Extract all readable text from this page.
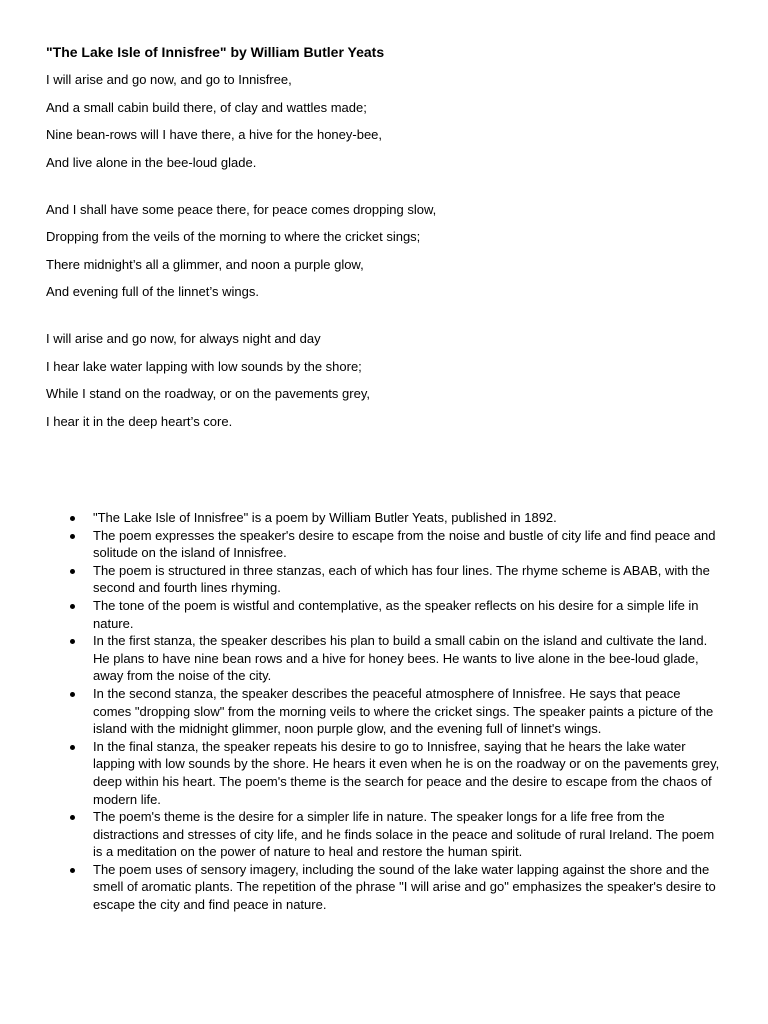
"The Lake Isle of Innisfree" by William Butler Yeats
I will arise and go now, and go to Innisfree,
And a small cabin build there, of clay and wattles made;
Nine bean-rows will I have there, a hive for the honey-bee,
And live alone in the bee-loud glade.
And I shall have some peace there, for peace comes dropping slow,
Dropping from the veils of the morning to where the cricket sings;
There midnight’s all a glimmer, and noon a purple glow,
And evening full of the linnet’s wings.
I will arise and go now, for always night and day
I hear lake water lapping with low sounds by the shore;
While I stand on the roadway, or on the pavements grey,
I hear it in the deep heart’s core.
"The Lake Isle of Innisfree" is a poem by William Butler Yeats, published in 1892.
The poem expresses the speaker's desire to escape from the noise and bustle of city life and find peace and solitude on the island of Innisfree.
The poem is structured in three stanzas, each of which has four lines. The rhyme scheme is ABAB, with the second and fourth lines rhyming.
The tone of the poem is wistful and contemplative, as the speaker reflects on his desire for a simple life in nature.
In the first stanza, the speaker describes his plan to build a small cabin on the island and cultivate the land. He plans to have nine bean rows and a hive for honey bees. He wants to live alone in the bee-loud glade, away from the noise of the city.
In the second stanza, the speaker describes the peaceful atmosphere of Innisfree. He says that peace comes "dropping slow" from the morning veils to where the cricket sings. The speaker paints a picture of the island with the midnight glimmer, noon purple glow, and the evening full of linnet's wings.
In the final stanza, the speaker repeats his desire to go to Innisfree, saying that he hears the lake water lapping with low sounds by the shore. He hears it even when he is on the roadway or on the pavements grey, deep within his heart. The poem's theme is the search for peace and the desire to escape from the chaos of modern life.
The poem's theme is the desire for a simpler life in nature. The speaker longs for a life free from the distractions and stresses of city life, and he finds solace in the peace and solitude of rural Ireland. The poem is a meditation on the power of nature to heal and restore the human spirit.
The poem uses of sensory imagery, including the sound of the lake water lapping against the shore and the smell of aromatic plants. The repetition of the phrase "I will arise and go" emphasizes the speaker's desire to escape the city and find peace in nature.
